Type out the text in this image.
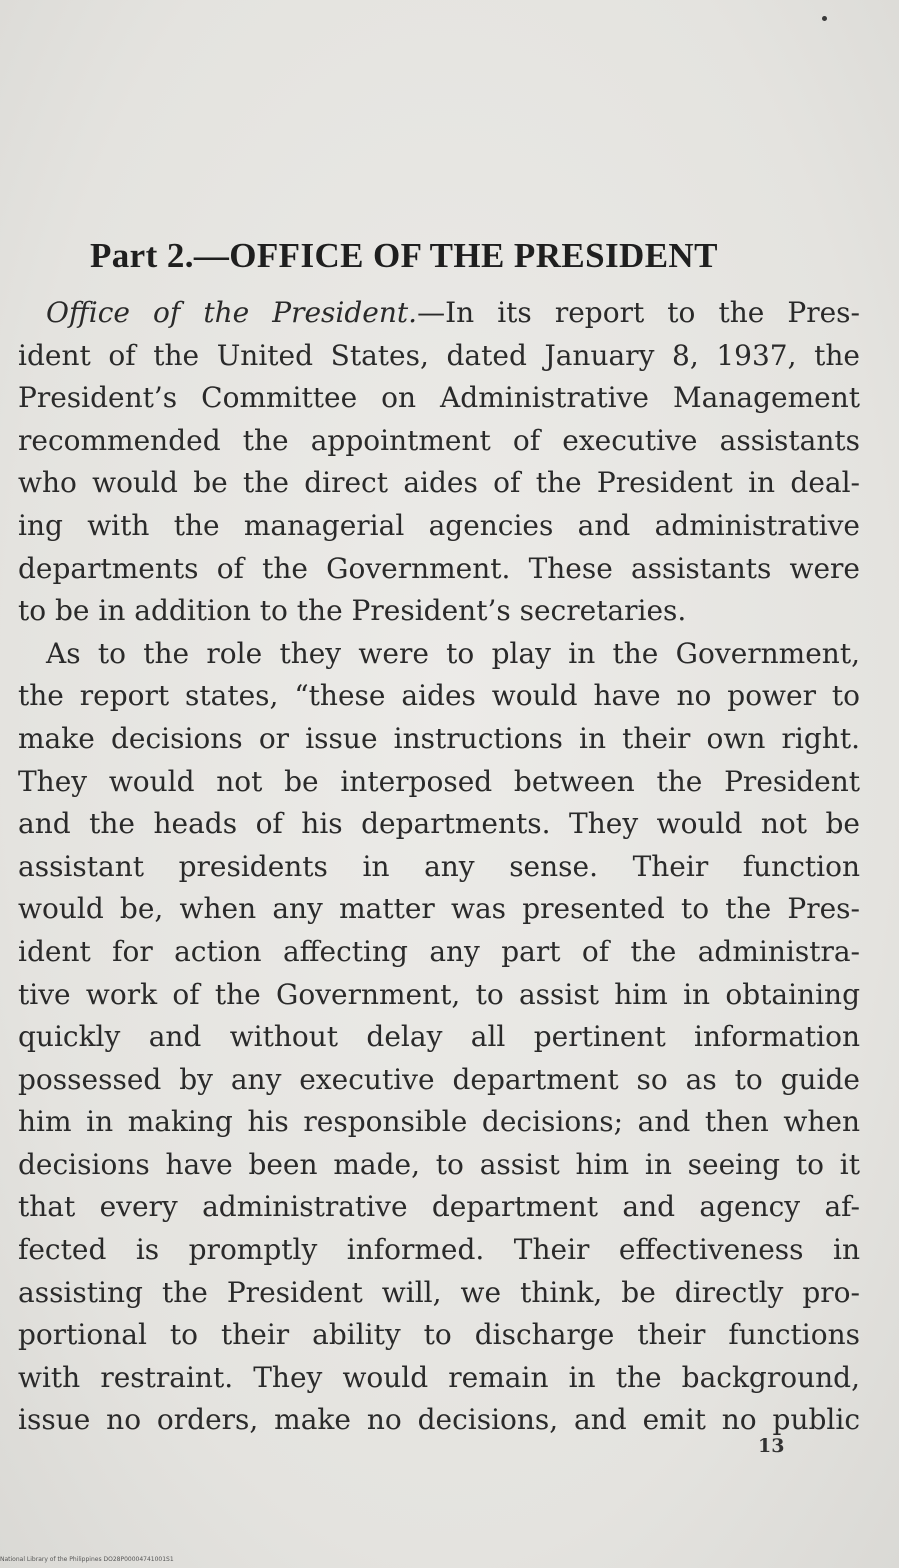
Part 2.—OFFICE OF THE PRESIDENT
Office of the President.—In its report to the Pres-
ident of the United States, dated January 8, 1937, the
President’s Committee on Administrative Management
recommended the appointment of executive assistants
who would be the direct aides of the President in deal-
ing with the managerial agencies and administrative
departments of the Government. These assistants were
to be in addition to the President’s secretaries.
As to the role they were to play in the Government,
the report states, “these aides would have no power to
make decisions or issue instructions in their own right.
They would not be interposed between the President
and the heads of his departments. They would not be
assistant presidents in any sense. Their function
would be, when any matter was presented to the Pres-
ident for action affecting any part of the administra-
tive work of the Government, to assist him in obtaining
quickly and without delay all pertinent information
possessed by any executive department so as to guide
him in making his responsible decisions; and then when
decisions have been made, to assist him in seeing to it
that every administrative department and agency af-
fected is promptly informed. Their effectiveness in
assisting the President will, we think, be directly pro-
portional to their ability to discharge their functions
with restraint. They would remain in the background,
issue no orders, make no decisions, and emit no public
13
National Library of the Philippines DO28P00004741001S1
